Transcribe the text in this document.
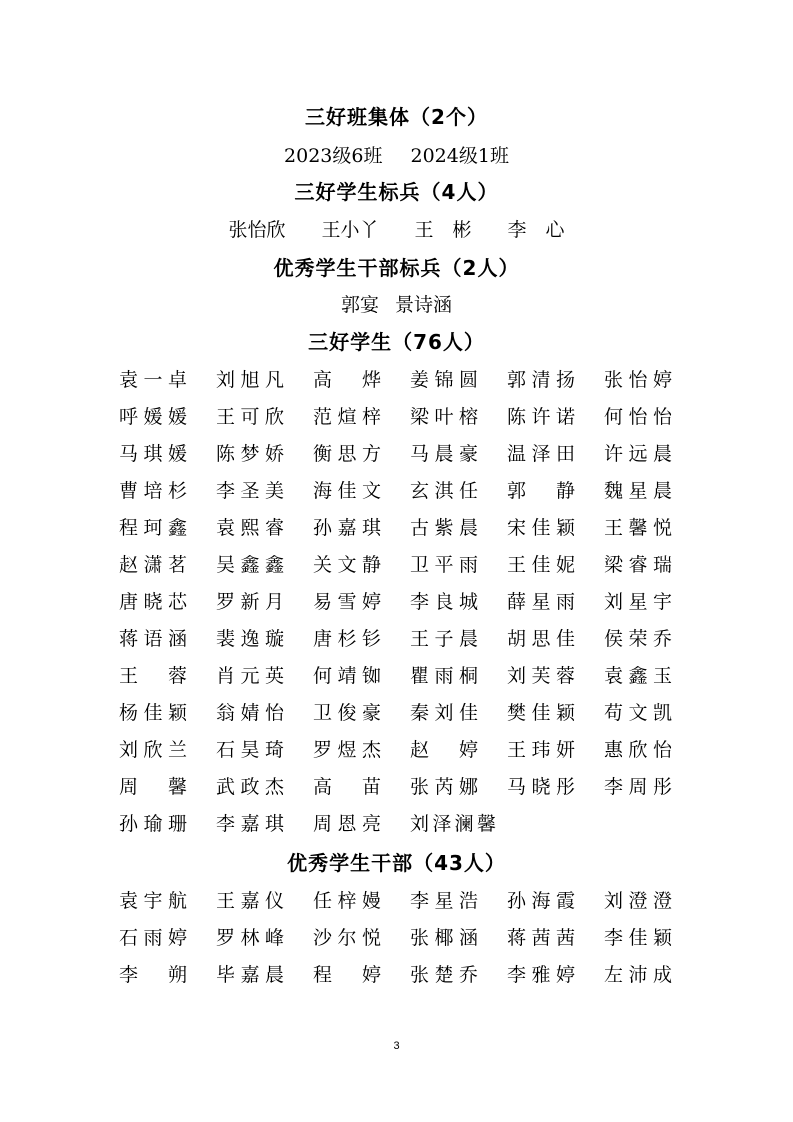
三好班集体（2个）
2023级6班 2024级1班
三好学生标兵（4人）
张怡欣 王小丫 王　彬 李　心
优秀学生干部标兵（2人）
郭宴 景诗涵
三好学生（76人）
袁一卓 刘旭凡 高　烨 姜锦圆 郭清扬 张怡婷
呼媛媛 王可欣 范煊梓 梁叶榕 陈许诺 何怡怡
马琪媛 陈梦娇 衡思方 马晨豪 温泽田 许远晨
曹培杉 李圣美 海佳文 玄淇任 郭　静 魏星晨
程珂鑫 袁熙睿 孙嘉琪 古紫晨 宋佳颖 王馨悦
赵潇茗 吴鑫鑫 关文静 卫平雨 王佳妮 梁睿瑞
唐晓芯 罗新月 易雪婷 李良城 薛星雨 刘星宇
蒋语涵 裴逸璇 唐杉钐 王子晨 胡思佳 侯荣乔
王　蓉 肖元英 何靖铷 瞿雨桐 刘芙蓉 袁鑫玉
杨佳颖 翁婧怡 卫俊豪 秦刘佳 樊佳颖 苟文凯
刘欣兰 石昊琦 罗煜杰 赵　婷 王玮妍 惠欣怡
周　馨 武政杰 高　苗 张芮娜 马晓彤 李周彤
孙瑜珊 李嘉琪 周恩亮 刘泽澜馨
优秀学生干部（43人）
袁宇航 王嘉仪 任梓嫚 李星浩 孙海霞 刘澄澄
石雨婷 罗林峰 沙尔悦 张椰涵 蒋茜茜 李佳颖
李　朔 毕嘉晨 程　婷 张楚乔 李雅婷 左沛成
3
